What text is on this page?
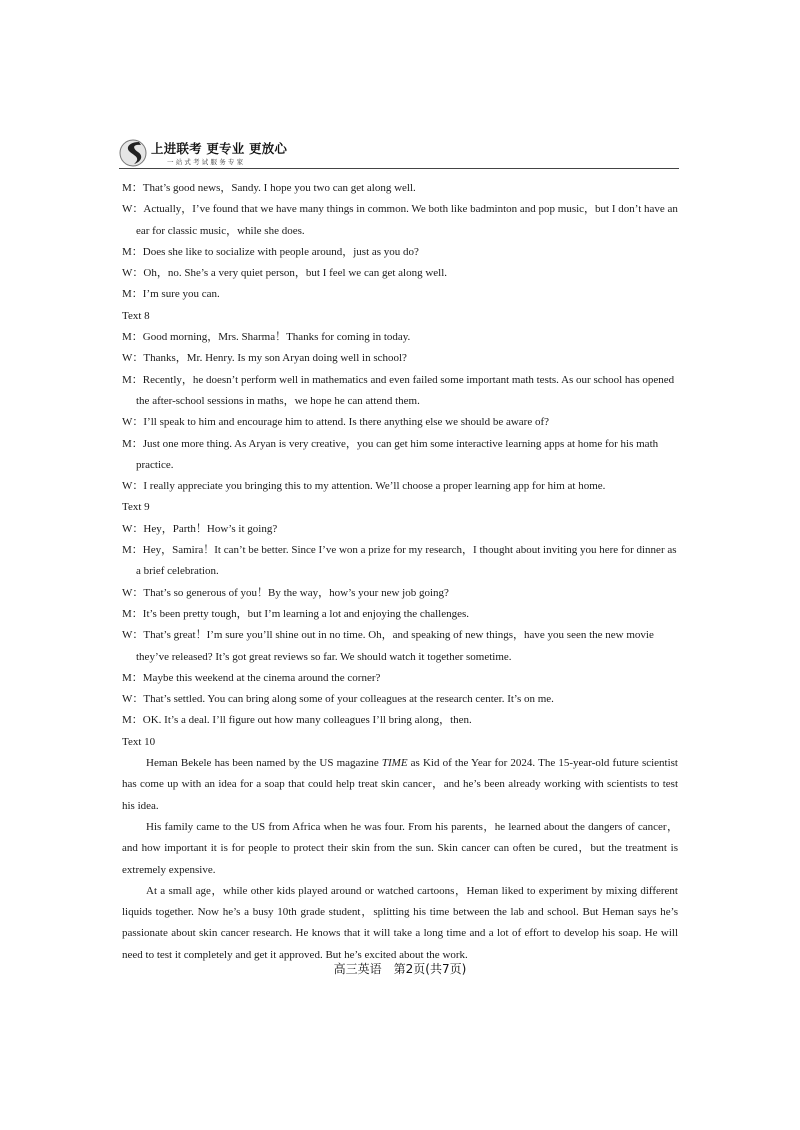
上进联考 更专业 更放心
一站式考试服务专家

M：That’s good news，Sandy. I hope you two can get along well.

W：Actually，I’ve found that we have many things in common. We both like badminton and pop music，but I don’t have an ear for classic music，while she does.

M：Does she like to socialize with people around，just as you do?

W：Oh，no. She’s a very quiet person，but I feel we can get along well.

M：I’m sure you can.

Text 8

M：Good morning，Mrs. Sharma！Thanks for coming in today.

W：Thanks，Mr. Henry. Is my son Aryan doing well in school?

M：Recently，he doesn’t perform well in mathematics and even failed some important math tests. As our school has opened the after-school sessions in maths，we hope he can attend them.

W：I’ll speak to him and encourage him to attend. Is there anything else we should be aware of?

M：Just one more thing. As Aryan is very creative，you can get him some interactive learning apps at home for his math practice.

W：I really appreciate you bringing this to my attention. We’ll choose a proper learning app for him at home.

Text 9

W：Hey，Parth！How’s it going?

M：Hey，Samira！It can’t be better. Since I’ve won a prize for my research，I thought about inviting you here for dinner as a brief celebration.

W：That’s so generous of you！By the way，how’s your new job going?

M：It’s been pretty tough，but I’m learning a lot and enjoying the challenges.

W：That’s great！I’m sure you’ll shine out in no time. Oh，and speaking of new things，have you seen the new movie they’ve released? It’s got great reviews so far. We should watch it together sometime.

M：Maybe this weekend at the cinema around the corner?

W：That’s settled. You can bring along some of your colleagues at the research center. It’s on me.

M：OK. It’s a deal. I’ll figure out how many colleagues I’ll bring along，then.

Text 10

Heman Bekele has been named by the US magazine TIME as Kid of the Year for 2024. The 15-year-old future scientist has come up with an idea for a soap that could help treat skin cancer，and he’s been already working with scientists to test his idea.

His family came to the US from Africa when he was four. From his parents，he learned about the dangers of cancer，and how important it is for people to protect their skin from the sun. Skin cancer can often be cured，but the treatment is extremely expensive.

At a small age，while other kids played around or watched cartoons，Heman liked to experiment by mixing different liquids together. Now he’s a busy 10th grade student，splitting his time between the lab and school. But Heman says he’s passionate about skin cancer research. He knows that it will take a long time and a lot of effort to develop his soap. He will need to test it completely and get it approved. But he’s excited about the work.

高三英语　第2页(共7页)
